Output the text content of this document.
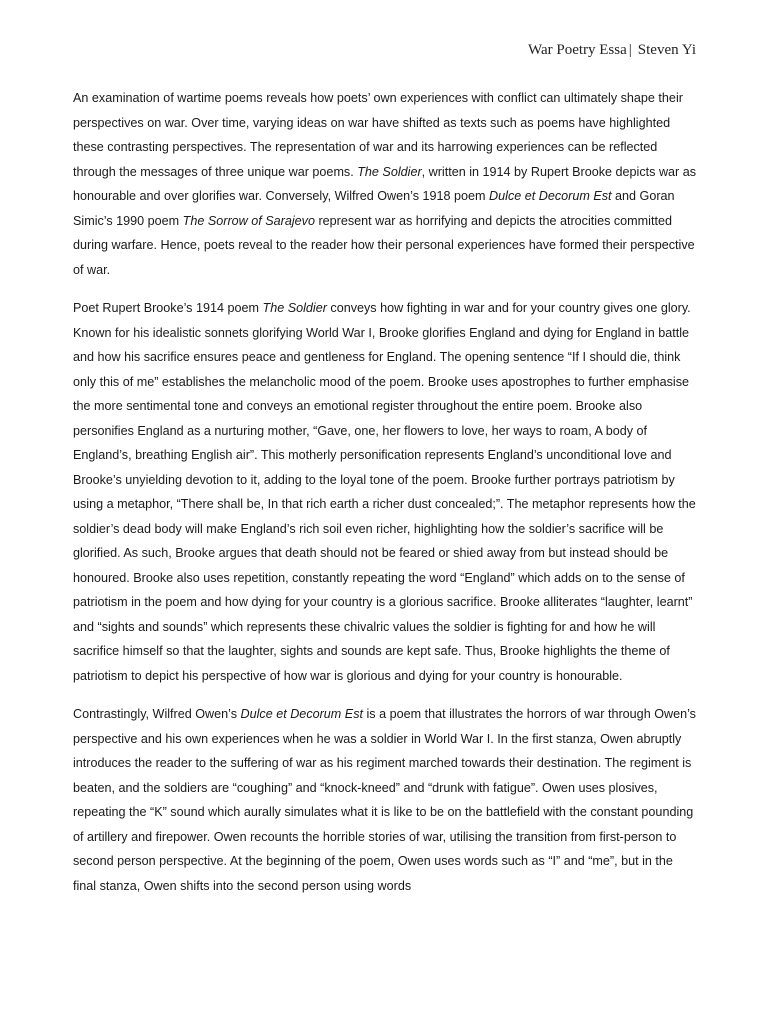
War Poetry Essa | Steven Yi

An examination of wartime poems reveals how poets’ own experiences with conflict can ultimately shape their perspectives on war. Over time, varying ideas on war have shifted as texts such as poems have highlighted these contrasting perspectives. The representation of war and its harrowing experiences can be reflected through the messages of three unique war poems. The Soldier, written in 1914 by Rupert Brooke depicts war as honourable and over glorifies war. Conversely, Wilfred Owen’s 1918 poem Dulce et Decorum Est and Goran Simic’s 1990 poem The Sorrow of Sarajevo represent war as horrifying and depicts the atrocities committed during warfare. Hence, poets reveal to the reader how their personal experiences have formed their perspective of war.

Poet Rupert Brooke’s 1914 poem The Soldier conveys how fighting in war and for your country gives one glory. Known for his idealistic sonnets glorifying World War I, Brooke glorifies England and dying for England in battle and how his sacrifice ensures peace and gentleness for England. The opening sentence “If I should die, think only this of me” establishes the melancholic mood of the poem. Brooke uses apostrophes to further emphasise the more sentimental tone and conveys an emotional register throughout the entire poem. Brooke also personifies England as a nurturing mother, “Gave, one, her flowers to love, her ways to roam, A body of England’s, breathing English air”. This motherly personification represents England’s unconditional love and Brooke’s unyielding devotion to it, adding to the loyal tone of the poem. Brooke further portrays patriotism by using a metaphor, “There shall be, In that rich earth a richer dust concealed;”. The metaphor represents how the soldier’s dead body will make England’s rich soil even richer, highlighting how the soldier’s sacrifice will be glorified. As such, Brooke argues that death should not be feared or shied away from but instead should be honoured. Brooke also uses repetition, constantly repeating the word “England” which adds on to the sense of patriotism in the poem and how dying for your country is a glorious sacrifice. Brooke alliterates “laughter, learnt” and “sights and sounds” which represents these chivalric values the soldier is fighting for and how he will sacrifice himself so that the laughter, sights and sounds are kept safe. Thus, Brooke highlights the theme of patriotism to depict his perspective of how war is glorious and dying for your country is honourable.

Contrastingly, Wilfred Owen’s Dulce et Decorum Est is a poem that illustrates the horrors of war through Owen’s perspective and his own experiences when he was a soldier in World War I. In the first stanza, Owen abruptly introduces the reader to the suffering of war as his regiment marched towards their destination. The regiment is beaten, and the soldiers are “coughing” and “knock-kneed” and “drunk with fatigue”. Owen uses plosives, repeating the “K” sound which aurally simulates what it is like to be on the battlefield with the constant pounding of artillery and firepower. Owen recounts the horrible stories of war, utilising the transition from first-person to second person perspective. At the beginning of the poem, Owen uses words such as “I” and “me”, but in the final stanza, Owen shifts into the second person using words
